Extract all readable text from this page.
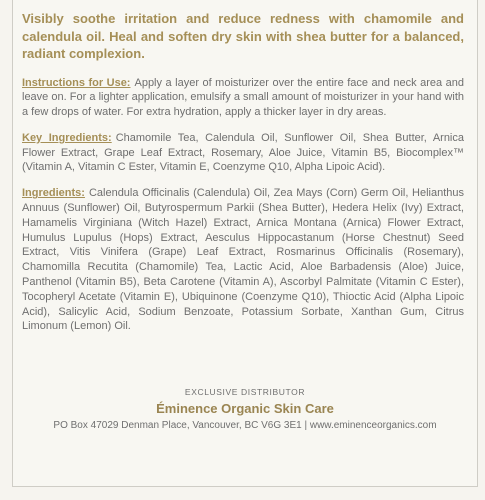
Visibly soothe irritation and reduce redness with chamomile and calendula oil. Heal and soften dry skin with shea butter for a balanced, radiant complexion.

Instructions for Use: Apply a layer of moisturizer over the entire face and neck area and leave on. For a lighter application, emulsify a small amount of moisturizer in your hand with a few drops of water. For extra hydration, apply a thicker layer in dry areas.

Key Ingredients: Chamomile Tea, Calendula Oil, Sunflower Oil, Shea Butter, Arnica Flower Extract, Grape Leaf Extract, Rosemary, Aloe Juice, Vitamin B5, Biocomplex™ (Vitamin A, Vitamin C Ester, Vitamin E, Coenzyme Q10, Alpha Lipoic Acid).

Ingredients: Calendula Officinalis (Calendula) Oil, Zea Mays (Corn) Germ Oil, Helianthus Annuus (Sunflower) Oil, Butyrospermum Parkii (Shea Butter), Hedera Helix (Ivy) Extract, Hamamelis Virginiana (Witch Hazel) Extract, Arnica Montana (Arnica) Flower Extract, Humulus Lupulus (Hops) Extract, Aesculus Hippocastanum (Horse Chestnut) Seed Extract, Vitis Vinifera (Grape) Leaf Extract, Rosmarinus Officinalis (Rosemary), Chamomilla Recutita (Chamomile) Tea, Lactic Acid, Aloe Barbadensis (Aloe) Juice, Panthenol (Vitamin B5), Beta Carotene (Vitamin A), Ascorbyl Palmitate (Vitamin C Ester), Tocopheryl Acetate (Vitamin E), Ubiquinone (Coenzyme Q10), Thioctic Acid (Alpha Lipoic Acid), Salicylic Acid, Sodium Benzoate, Potassium Sorbate, Xanthan Gum, Citrus Limonum (Lemon) Oil.

EXCLUSIVE DISTRIBUTOR
Éminence Organic Skin Care
PO Box 47029 Denman Place, Vancouver, BC V6G 3E1 | www.eminenceorganics.com
